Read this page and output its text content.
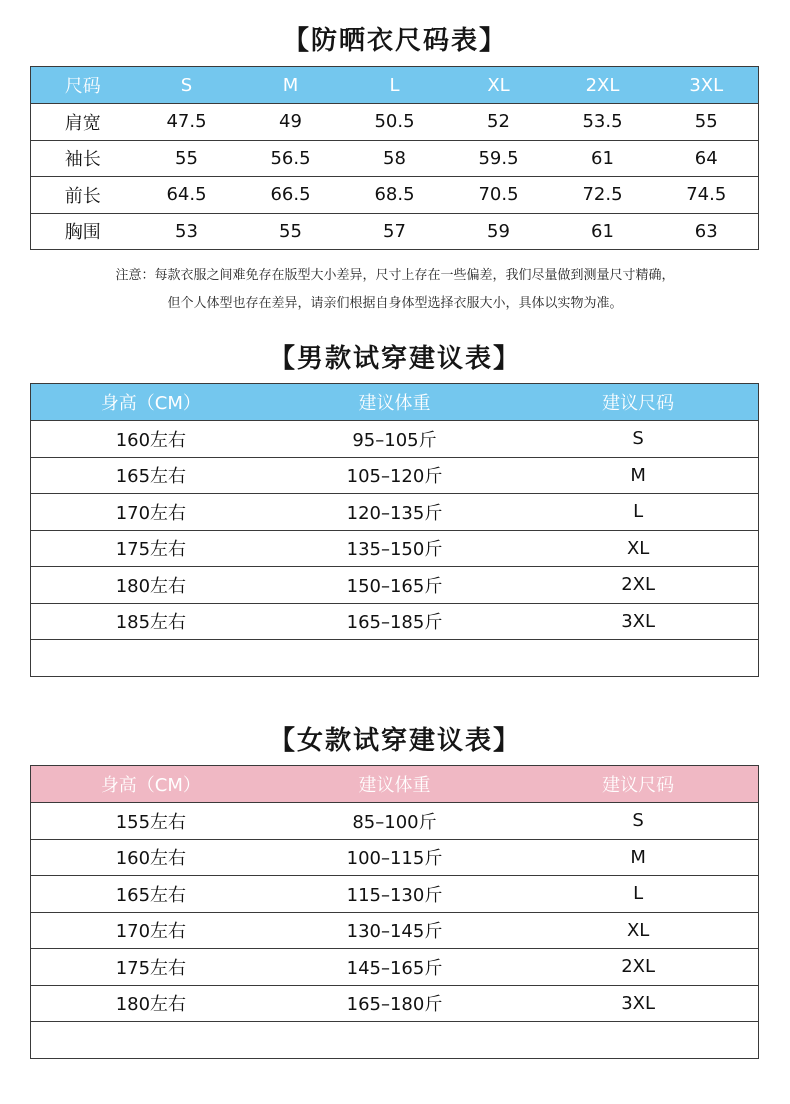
【防晒衣尺码表】
尺码	S	M	L	XL	2XL	3XL
肩宽	47.5	49	50.5	52	53.5	55
袖长	55	56.5	58	59.5	61	64
前长	64.5	66.5	68.5	70.5	72.5	74.5
胸围	53	55	57	59	61	63
注意：每款衣服之间难免存在版型大小差异，尺寸上存在一些偏差，我们尽量做到测量尺寸精确，
但个人体型也存在差异，请亲们根据自身体型选择衣服大小，具体以实物为准。
【男款试穿建议表】
身高（CM）	建议体重	建议尺码
160左右	95–105斤	S
165左右	105–120斤	M
170左右	120–135斤	L
175左右	135–150斤	XL
180左右	150–165斤	2XL
185左右	165–185斤	3XL

【女款试穿建议表】
身高（CM）	建议体重	建议尺码
155左右	85–100斤	S
160左右	100–115斤	M
165左右	115–130斤	L
170左右	130–145斤	XL
175左右	145–165斤	2XL
180左右	165–180斤	3XL
